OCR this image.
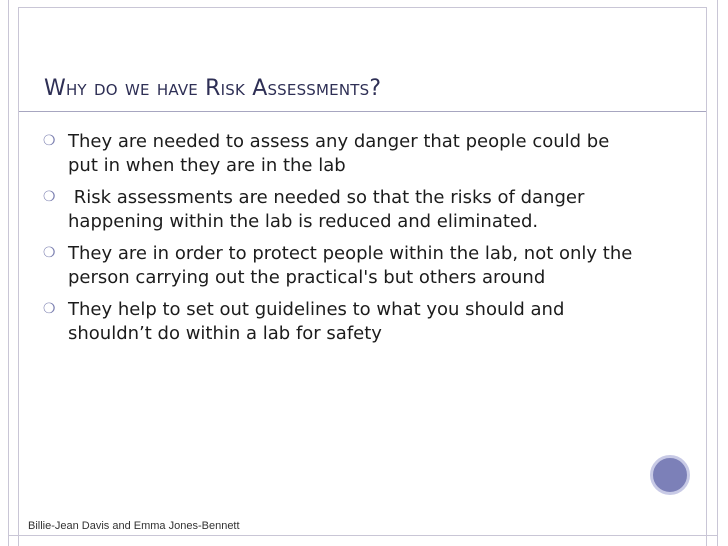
Why do we have Risk Assessments?
❍ They are needed to assess any danger that people could be put in when they are in the lab
❍ Risk assessments are needed so that the risks of danger happening within the lab is reduced and eliminated.
❍ They are in order to protect people within the lab, not only the person carrying out the practical's but others around
❍ They help to set out guidelines to what you should and shouldn’t do within a lab for safety
Billie-Jean Davis and Emma Jones-Bennett
